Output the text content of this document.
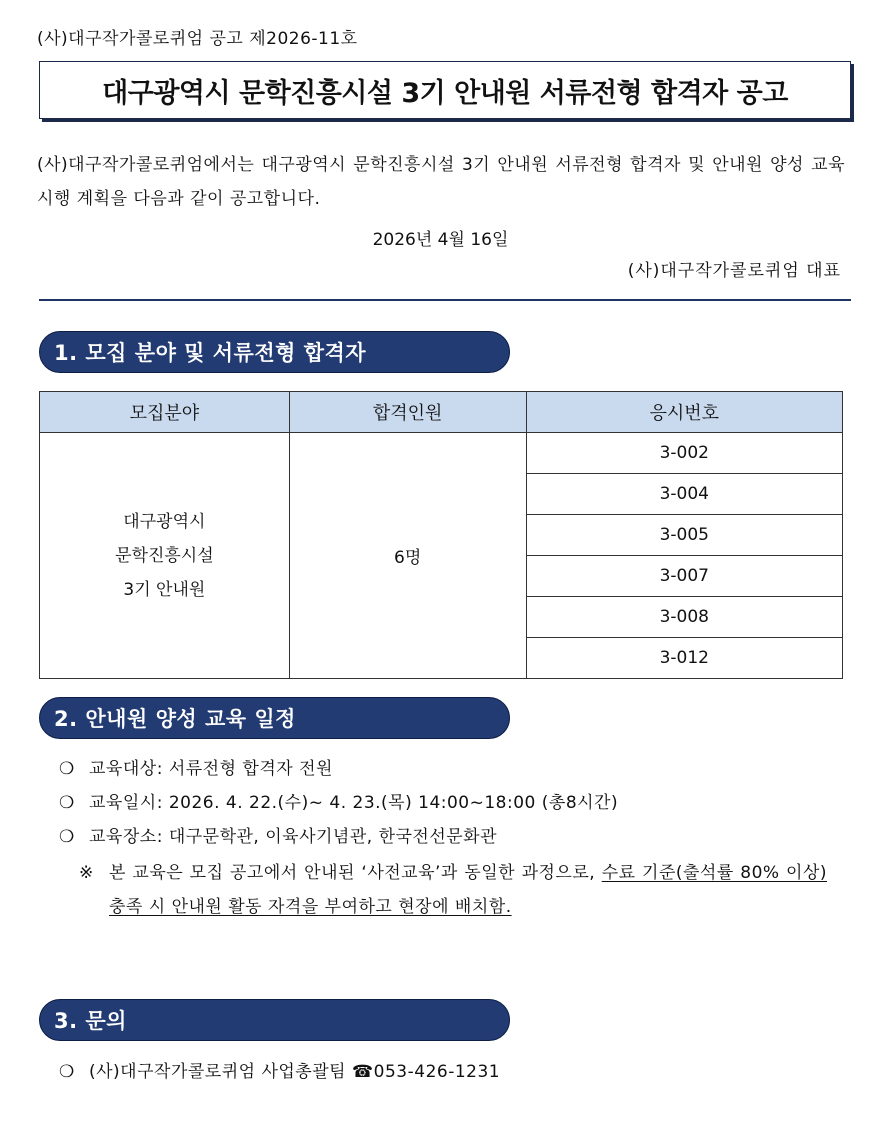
(사)대구작가콜로퀴엄 공고 제2026-11호
대구광역시 문학진흥시설 3기 안내원 서류전형 합격자 공고
(사)대구작가콜로퀴엄에서는 대구광역시 문학진흥시설 3기 안내원 서류전형 합격자 및 안내원 양성 교육 시행 계획을 다음과 같이 공고합니다.
2026년 4월 16일
(사)대구작가콜로퀴엄 대표
1. 모집 분야 및 서류전형 합격자
모집분야	합격인원	응시번호

대구광역시
문학진흥시설
3기 안내원	6명	3-002
		3-004
		3-005
		3-007
		3-008
		3-012
2. 안내원 양성 교육 일정
❍ 교육대상: 서류전형 합격자 전원
❍ 교육일시: 2026. 4. 22.(수)~ 4. 23.(목) 14:00~18:00 (총8시간)
❍ 교육장소: 대구문학관, 이육사기념관, 한국전선문화관
※ 본 교육은 모집 공고에서 안내된 ‘사전교육’과 동일한 과정으로, 수료 기준(출석률 80% 이상) 충족 시 안내원 활동 자격을 부여하고 현장에 배치함.
3. 문의
❍ (사)대구작가콜로퀴엄 사업총괄팀
☎ 053-426-1231
